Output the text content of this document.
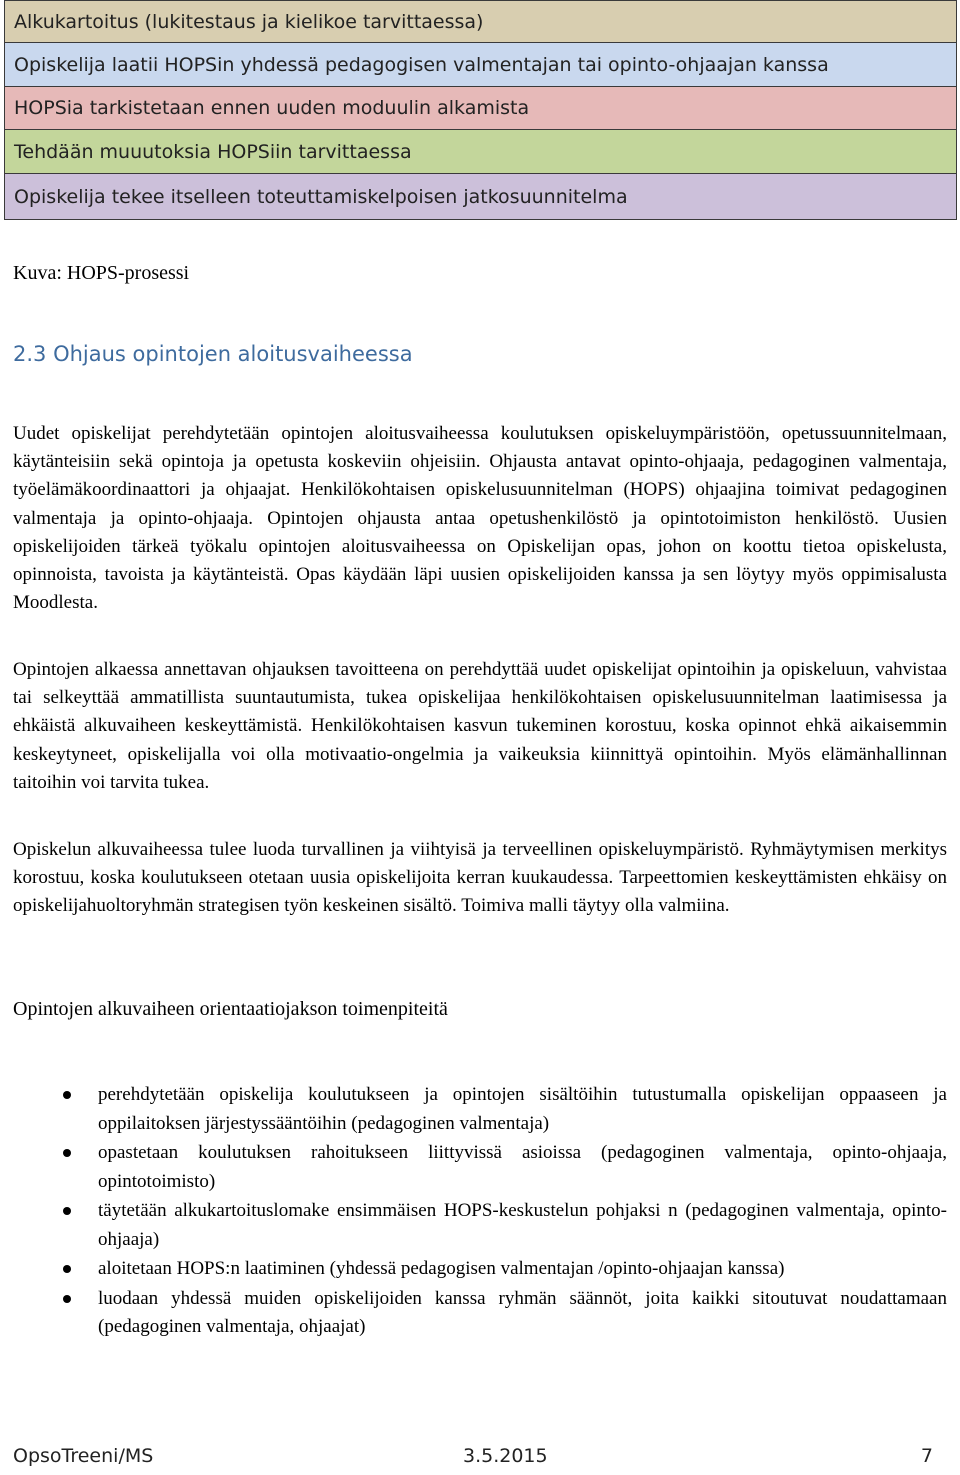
Alkukartoitus (lukitestaus ja kielikoe tarvittaessa)
Opiskelija laatii HOPSin yhdessä pedagogisen valmentajan tai opinto-ohjaajan kanssa
HOPSia tarkistetaan ennen uuden moduulin alkamista
Tehdään muuutoksia HOPSiin tarvittaessa
Opiskelija tekee itselleen toteuttamiskelpoisen jatkosuunnitelma
Kuva: HOPS-prosessi
2.3 Ohjaus opintojen aloitusvaiheessa

Uudet opiskelijat perehdytetään opintojen aloitusvaiheessa koulutuksen opiskeluympäristöön, opetussuunnitelmaan, käytänteisiin sekä opintoja ja opetusta koskeviin ohjeisiin. Ohjausta antavat opinto-ohjaaja, pedagoginen valmentaja, työelämäkoordinaattori ja ohjaajat. Henkilökohtaisen opiskelusuunnitelman (HOPS) ohjaajina toimivat pedagoginen valmentaja ja opinto-ohjaaja. Opintojen ohjausta antaa opetushenkilöstö ja opintotoimiston henkilöstö. Uusien opiskelijoiden tärkeä työkalu opintojen aloitusvaiheessa on Opiskelijan opas, johon on koottu tietoa opiskelusta, opinnoista, tavoista ja käytänteistä. Opas käydään läpi uusien opiskelijoiden kanssa ja sen löytyy myös oppimisalusta Moodlesta.

Opintojen alkaessa annettavan ohjauksen tavoitteena on perehdyttää uudet opiskelijat opintoihin ja opiskeluun, vahvistaa tai selkeyttää ammatillista suuntautumista, tukea opiskelijaa henkilökohtaisen opiskelusuunnitelman laatimisessa ja ehkäistä alkuvaiheen keskeyttämistä. Henkilökohtaisen kasvun tukeminen korostuu, koska opinnot ehkä aikaisemmin keskeytyneet, opiskelijalla voi olla motivaatio-ongelmia ja vaikeuksia kiinnittyä opintoihin. Myös elämänhallinnan taitoihin voi tarvita tukea.

Opiskelun alkuvaiheessa tulee luoda turvallinen ja viihtyisä ja terveellinen opiskeluympäristö. Ryhmäytymisen merkitys korostuu, koska koulutukseen otetaan uusia opiskelijoita kerran kuukaudessa. Tarpeettomien keskeyttämisten ehkäisy on opiskelijahuoltoryhmän strategisen työn keskeinen sisältö. Toimiva malli täytyy olla valmiina.

Opintojen alkuvaiheen orientaatiojakson toimenpiteitä
perehdytetään opiskelija koulutukseen ja opintojen sisältöihin tutustumalla opiskelijan oppaaseen ja oppilaitoksen järjestyssääntöihin (pedagoginen valmentaja)
opastetaan koulutuksen rahoitukseen liittyvissä asioissa (pedagoginen valmentaja, opinto-ohjaaja, opintotoimisto)
täytetään alkukartoituslomake ensimmäisen HOPS-keskustelun pohjaksi n (pedagoginen valmentaja, opinto-ohjaaja)
aloitetaan HOPS:n laatiminen (yhdessä pedagogisen valmentajan /opinto-ohjaajan kanssa)
luodaan yhdessä muiden opiskelijoiden kanssa ryhmän säännöt, joita kaikki sitoutuvat noudattamaan (pedagoginen valmentaja, ohjaajat)
OpsoTreeni/MS	3.5.2015	7
